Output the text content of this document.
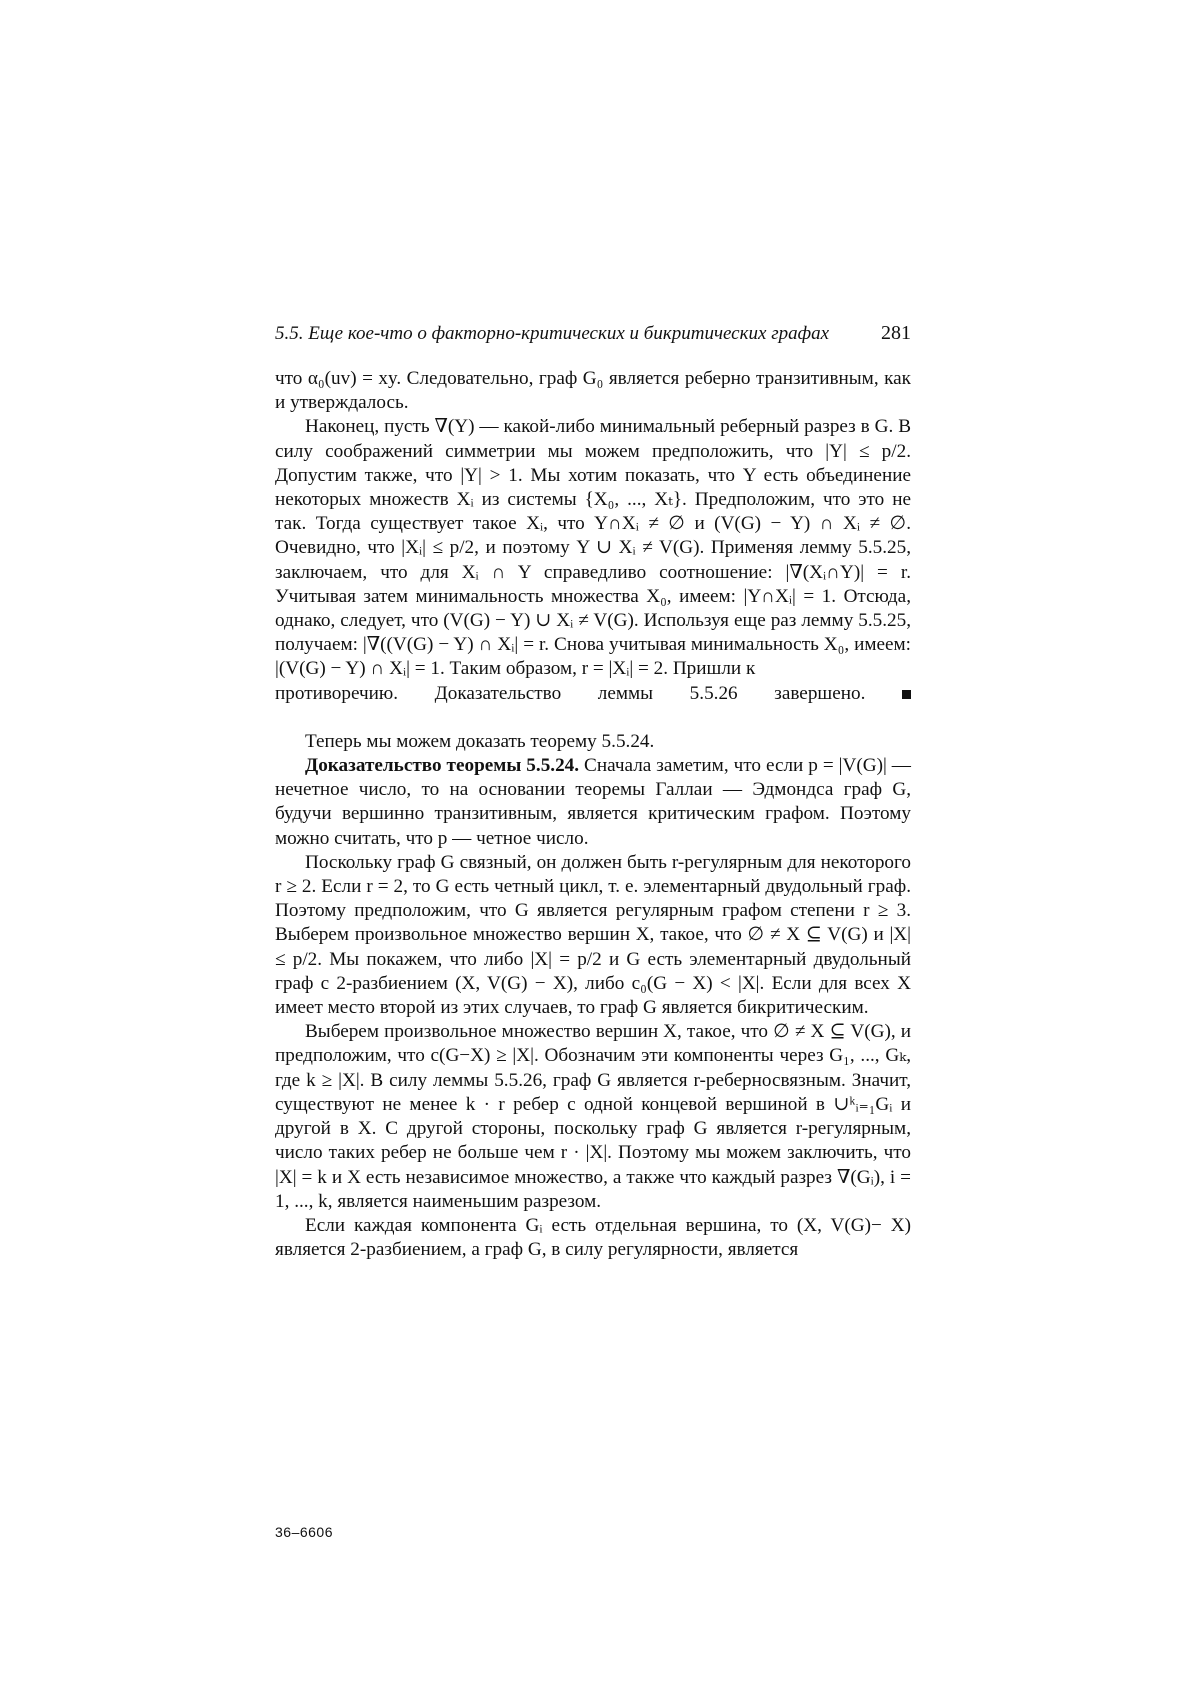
5.5. Еще кое-что о факторно-критических и бикритических графах	281

что α₀(uv) = xy. Следовательно, граф G₀ является реберно транзитивным, как и утверждалось.

Наконец, пусть ∇(Y) — какой-либо минимальный реберный разрез в G. В силу соображений симметрии мы можем предположить, что |Y| ≤ p/2. Допустим также, что |Y| > 1. Мы хотим показать, что Y есть объединение некоторых множеств Xᵢ из системы {X₀, ..., Xₜ}. Предположим, что это не так. Тогда существует такое Xᵢ, что Y∩Xᵢ ≠ ∅ и (V(G) − Y) ∩ Xᵢ ≠ ∅. Очевидно, что |Xᵢ| ≤ p/2, и поэтому Y ∪ Xᵢ ≠ V(G). Применяя лемму 5.5.25, заключаем, что для Xᵢ ∩ Y справедливо соотношение: |∇(Xᵢ∩Y)| = r. Учитывая затем минимальность множества X₀, имеем: |Y∩Xᵢ| = 1. Отсюда, однако, следует, что (V(G) − Y) ∪ Xᵢ ≠ V(G). Используя еще раз лемму 5.5.25, получаем: |∇((V(G) − Y) ∩ Xᵢ| = r. Снова учитывая минимальность X₀, имеем: |(V(G) − Y) ∩ Xᵢ| = 1. Таким образом, r = |Xᵢ| = 2. Пришли к

противоречию. Доказательство леммы 5.5.26 завершено.

Теперь мы можем доказать теорему 5.5.24.

Доказательство теоремы 5.5.24. Сначала заметим, что если p = |V(G)| — нечетное число, то на основании теоремы Галлаи — Эдмондса граф G, будучи вершинно транзитивным, является критическим графом. Поэтому можно считать, что p — четное число.

Поскольку граф G связный, он должен быть r-регулярным для некоторого r ≥ 2. Если r = 2, то G есть четный цикл, т. е. элементарный двудольный граф. Поэтому предположим, что G является регулярным графом степени r ≥ 3. Выберем произвольное множество вершин X, такое, что ∅ ≠ X ⊆ V(G) и |X| ≤ p/2. Мы покажем, что либо |X| = p/2 и G есть элементарный двудольный граф с 2-разбиением (X, V(G) − X), либо c₀(G − X) < |X|. Если для всех X имеет место второй из этих случаев, то граф G является бикритическим.

Выберем произвольное множество вершин X, такое, что ∅ ≠ X ⊆ V(G), и предположим, что c(G−X) ≥ |X|. Обозначим эти компоненты через G₁, ..., Gₖ, где k ≥ |X|. В силу леммы 5.5.26, граф G является r-реберносвязным. Значит, существуют не менее k · r ребер с одной концевой вершиной в ∪ᵏᵢ₌₁Gᵢ и другой в X. С другой стороны, поскольку граф G является r-регулярным, число таких ребер не больше чем r · |X|. Поэтому мы можем заключить, что |X| = k и X есть независимое множество, а также что каждый разрез ∇(Gᵢ), i = 1, ..., k, является наименьшим разрезом.

Если каждая компонента Gᵢ есть отдельная вершина, то (X, V(G)− X) является 2-разбиением, а граф G, в силу регулярности, является

36–6606
